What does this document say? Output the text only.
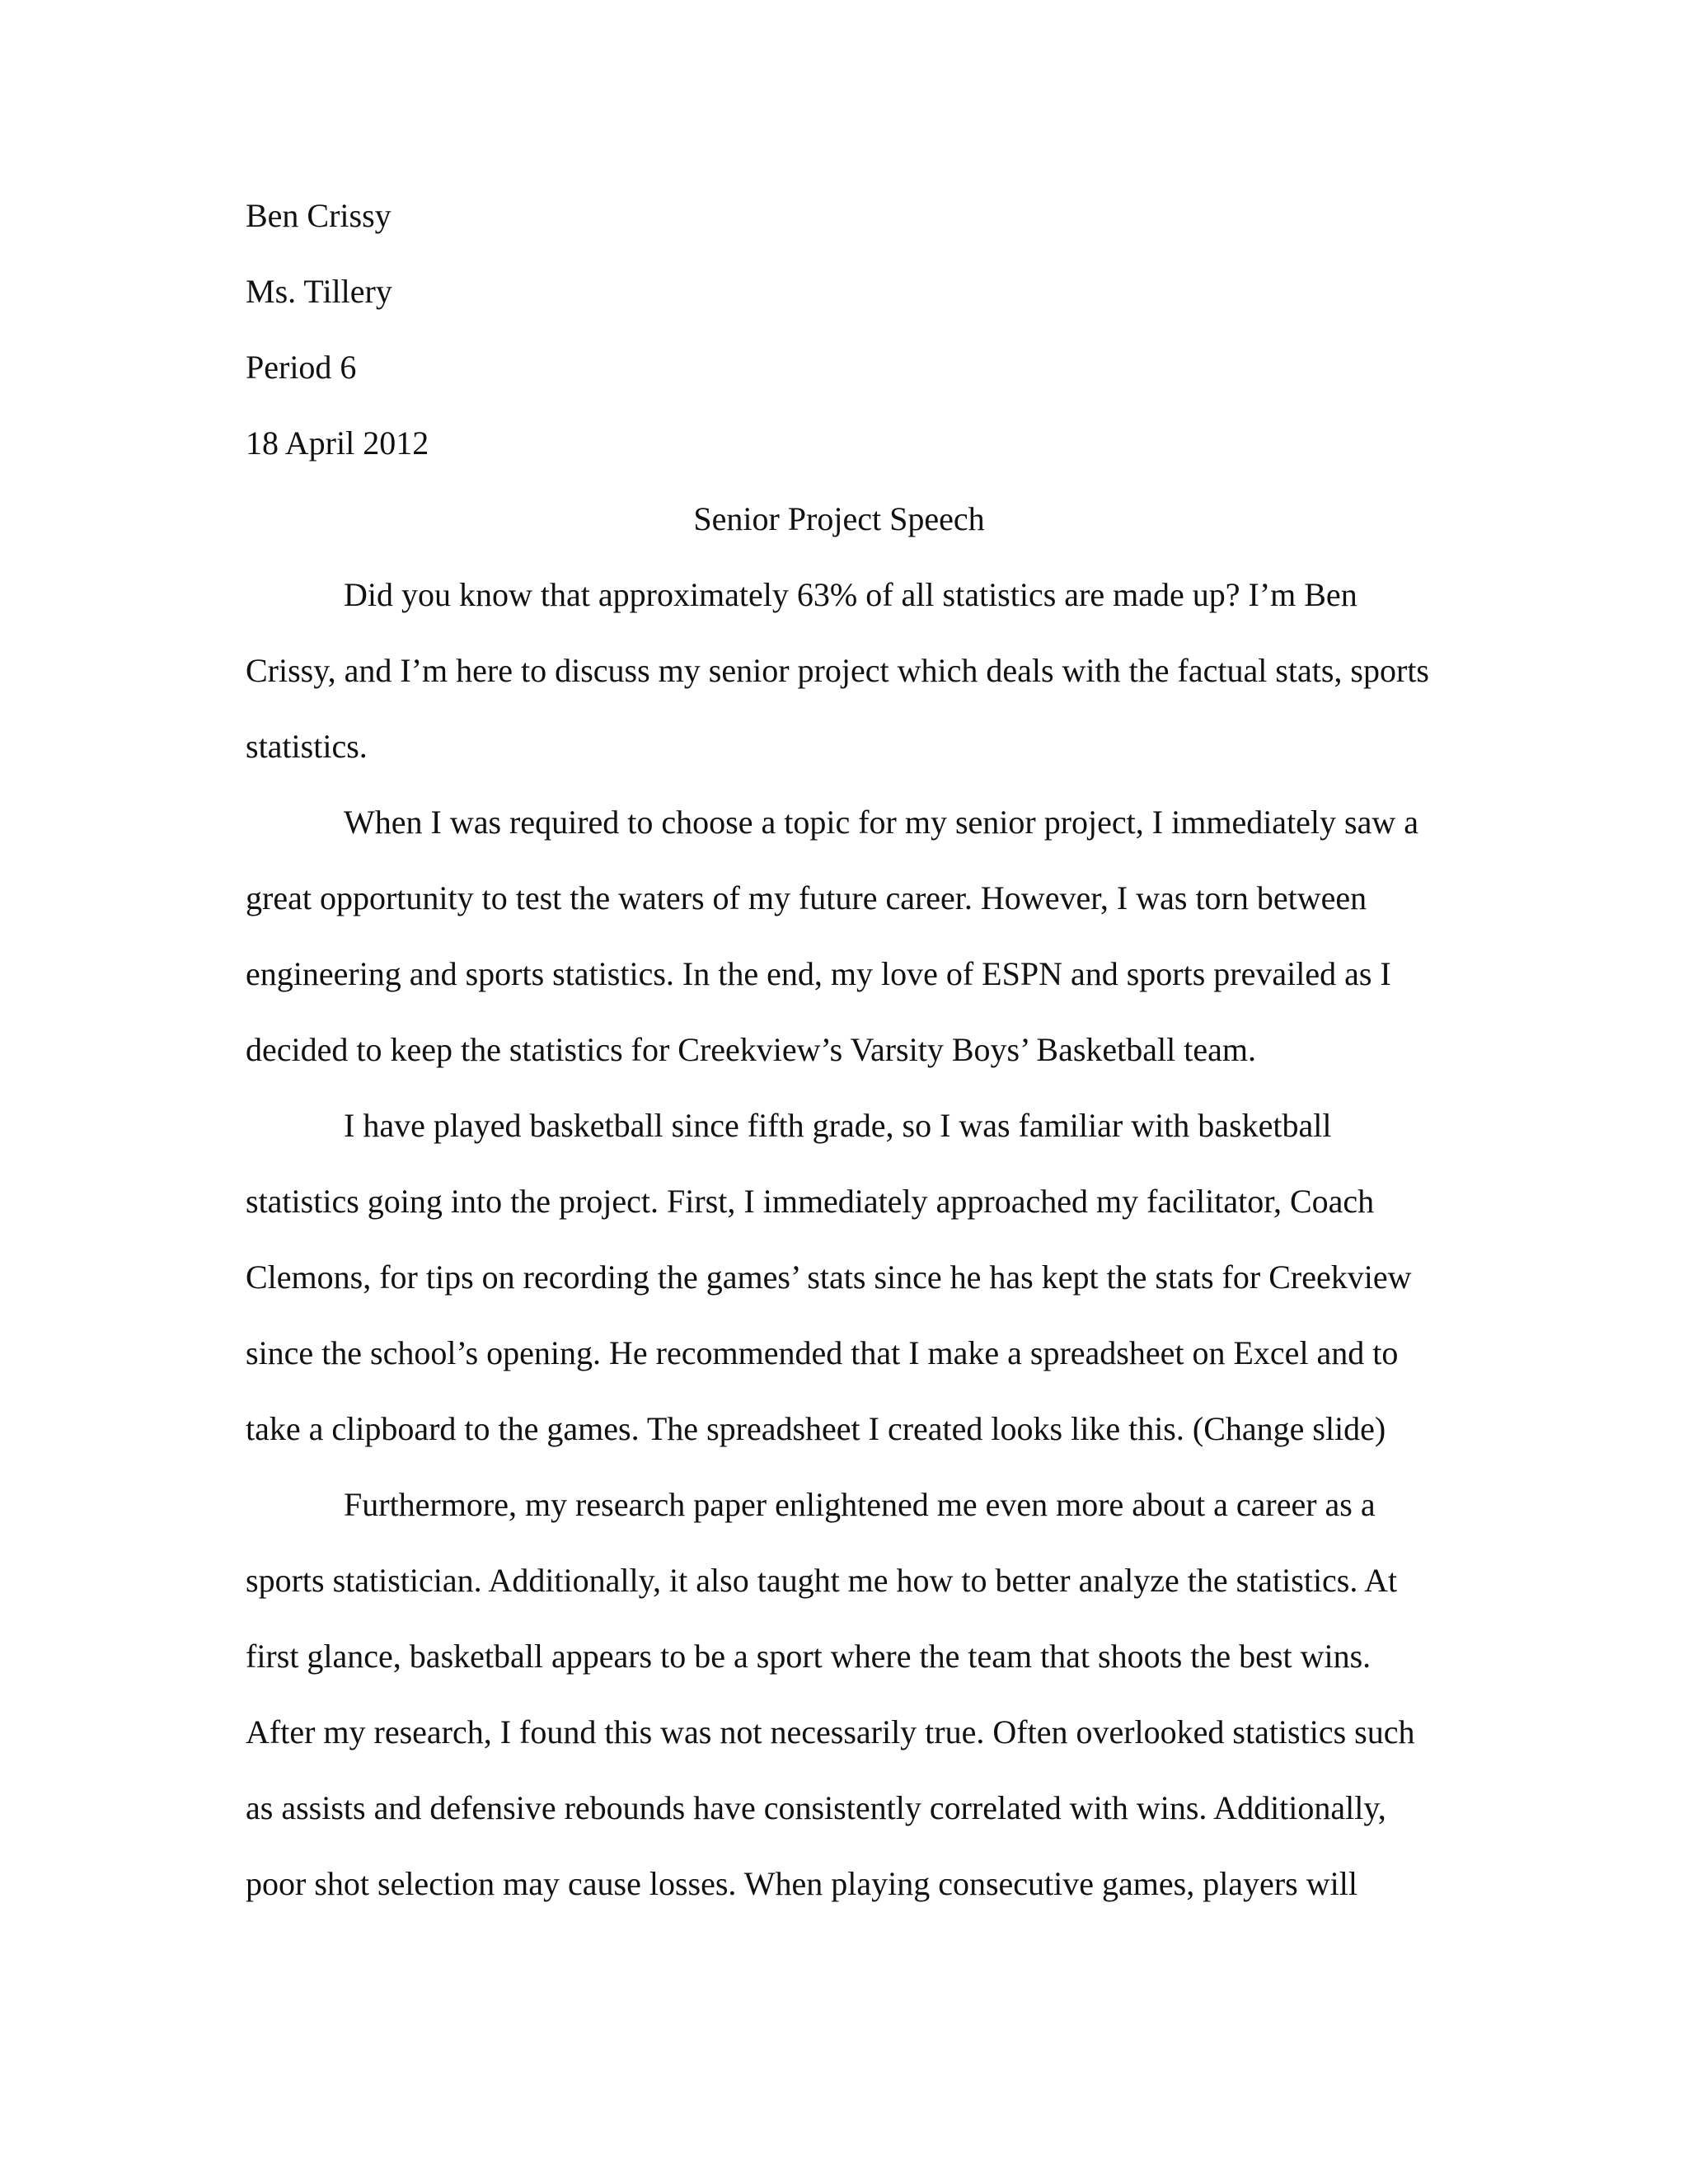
Ben Crissy
Ms. Tillery
Period 6
18 April 2012
Senior Project Speech
Did you know that approximately 63% of all statistics are made up? I’m Ben
Crissy, and I’m here to discuss my senior project which deals with the factual stats, sports
statistics.
When I was required to choose a topic for my senior project, I immediately saw a
great opportunity to test the waters of my future career. However, I was torn between
engineering and sports statistics. In the end, my love of ESPN and sports prevailed as I
decided to keep the statistics for Creekview’s Varsity Boys’ Basketball team.
I have played basketball since fifth grade, so I was familiar with basketball
statistics going into the project. First, I immediately approached my facilitator, Coach
Clemons, for tips on recording the games’ stats since he has kept the stats for Creekview
since the school’s opening. He recommended that I make a spreadsheet on Excel and to
take a clipboard to the games. The spreadsheet I created looks like this. (Change slide)
Furthermore, my research paper enlightened me even more about a career as a
sports statistician. Additionally, it also taught me how to better analyze the statistics. At
first glance, basketball appears to be a sport where the team that shoots the best wins.
After my research, I found this was not necessarily true. Often overlooked statistics such
as assists and defensive rebounds have consistently correlated with wins. Additionally,
poor shot selection may cause losses. When playing consecutive games, players will
